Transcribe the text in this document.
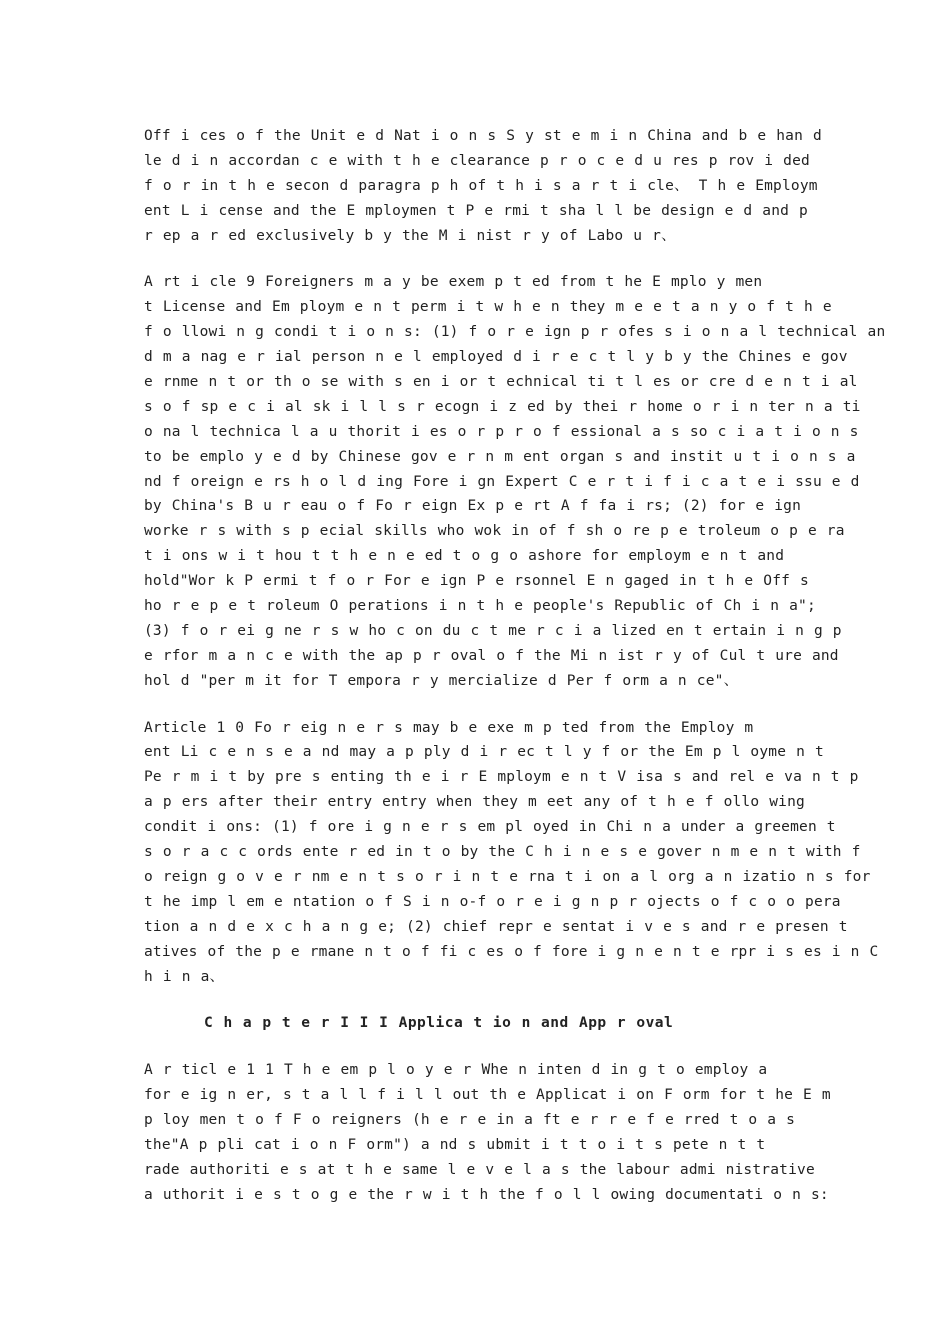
Off i ces o f the Unit e d Nat i o n s S y st e m i n China and b e han d
le d i n accordan c e with t h e clearance p r o c e d u res p rov i ded
f o r in t h e secon d paragra p h of t h i s a r t i cle、 T h e Employm
ent L i cense and the E mploymen t P e rmi t sha l l be design e d and p
r ep a r ed exclusively b y the M i nist r y of Labo u r、
A rt i cle 9 Foreigners m a y be exem p t ed from t he E mplo y men
t License and Em ploym e n t perm i t w h e n they m e e t a n y o f t h e
f o llowi n g condi t i o n s: (1) f o r e ign p r ofes s i o n a l technical an
d m a nag e r ial person n e l employed d i r e c t l y b y the Chines e gov
e rnme n t or th o se with s en i or t echnical ti t l es or cre d e n t i al
s o f sp e c i al sk i l l s r ecogn i z ed by thei r home o r i n ter n a ti
o na l technica l a u thorit i es o r p r o f essional a s so c i a t i o n s
to be emplo y e d by Chinese gov e r n m ent organ s and instit u t i o n s a
nd f oreign e rs h o l d ing Fore i gn Expert C e r t i f i c a t e i ssu e d
by China's B u r eau o f Fo r eign Ex p e rt A f fa i rs; (2) for e ign
worke r s with s p ecial skills who wok in of f sh o re p e troleum o p e ra
t i ons w i t hou t t h e n e ed t o g o ashore for employm e n t and
hold"Wor k P ermi t f o r For e ign P e rsonnel E n gaged in t h e Off s
ho r e p e t roleum O perations i n t h e people's Republic of Ch i n a";
(3) f o r ei g ne r s w ho c on du c t me r c i a lized en t ertain i n g p
e rfor m a n c e with the ap p r oval o f the Mi n ist r y of Cul t ure and
hol d "per m it for T empora r y mercialize d Per f orm a n ce"、
Article 1 0 Fo r eig n e r s may b e exe m p ted from the Employ m
ent Li c e n s e a nd may a p ply d i r ec t l y f or the Em p l oyme n t
Pe r m i t by pre s enting th e i r E mploym e n t V isa s and rel e va n t p
a p ers after their entry entry when they m eet any of t h e f ollo wing
condit i ons: (1) f ore i g n e r s em pl oyed in Chi n a under a greemen t
s o r a c c ords ente r ed in t o by the C h i n e s e gover n m e n t with f
o reign g o v e r nm e n t s o r i n t e rna t i on a l org a n izatio n s for
t he imp l em e ntation o f S i n o-f o r e i g n p r ojects o f c o o pera
tion a n d e x c h a n g e; (2) chief repr e sentat i v e s and r e presen t
atives of the p e rmane n t o f fi c es o f fore i g n e n t e rpr i s es i n C
h i n a、
C h a p t e r I I I Applica t io n and App r oval
A r ticl e 1 1 T h e em p l o y e r Whe n inten d in g t o employ a
for e ig n er, s t a l l f i l l out th e Applicat i on F orm for t he E m
p loy men t o f F o reigners (h e r e in a ft e r r e f e rred t o a s
the"A p pli cat i o n F orm") a nd s ubmit i t t o i t s pete n t t
rade authoriti e s at t h e same l e v e l a s the labour admi nistrative
a uthorit i e s t o g e the r w i t h the f o l l owing documentati o n s:
